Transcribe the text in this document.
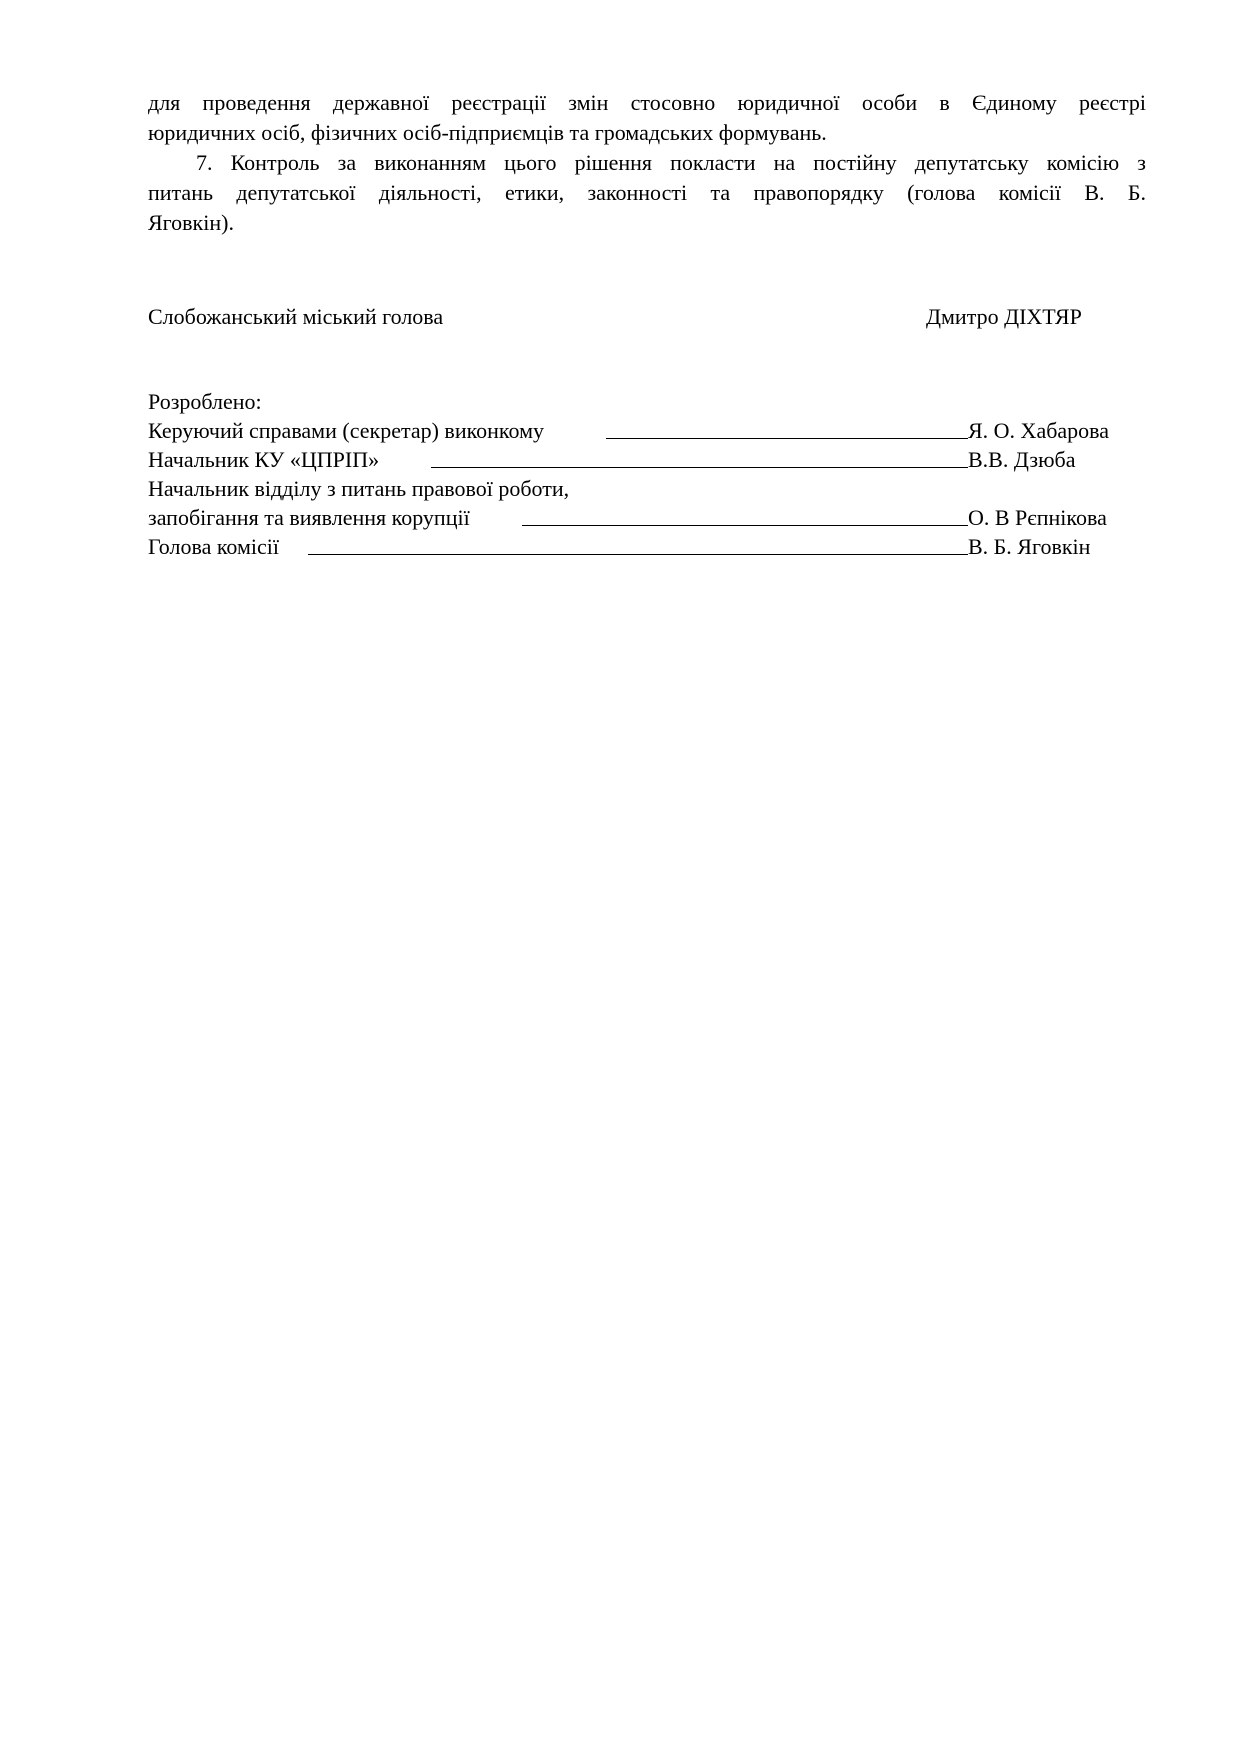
для проведення державної реєстрації змін стосовно юридичної особи в Єдиному реєстрі
юридичних осіб, фізичних осіб-підприємців та громадських формувань.
7. Контроль за виконанням цього рішення покласти на постійну депутатську комісію з
питань депутатської діяльності, етики, законності та правопорядку (голова комісії В. Б.
Яговкін).
Слобожанський міський голова	Дмитро ДІХТЯР
Розроблено:
Керуючий справами (секретар) виконкому	Я. О. Хабарова
Начальник КУ «ЦПРІП»	В.В. Дзюба
Начальник відділу з питань правової роботи,
запобігання та виявлення корупції	О. В Рєпнікова
Голова комісії	В. Б. Яговкін
